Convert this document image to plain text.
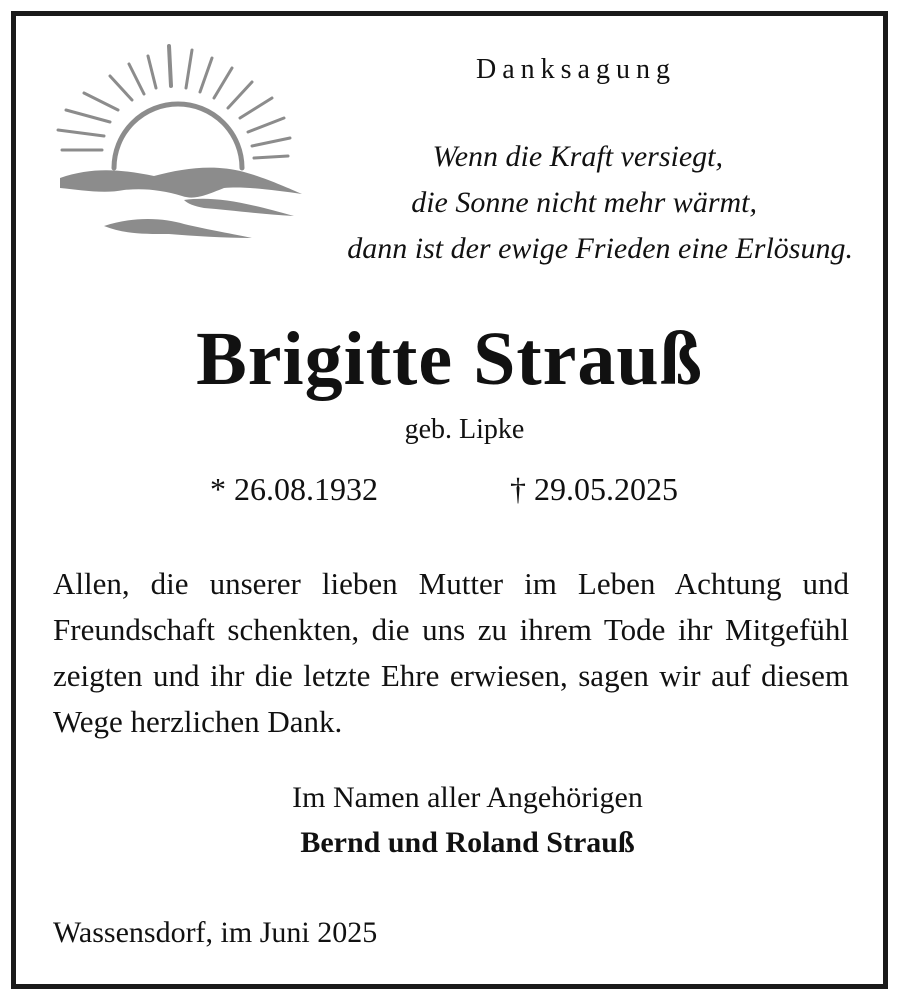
Danksagung
Wenn die Kraft versiegt,
die Sonne nicht mehr wärmt,
dann ist der ewige Frieden eine Erlösung.
Brigitte Strauß
geb. Lipke
* 26.08.1932	† 29.05.2025
Allen, die unserer lieben Mutter im Leben Achtung und Freundschaft schenkten, die uns zu ihrem Tode ihr Mitgefühl zeigten und ihr die letzte Ehre erwiesen, sagen wir auf diesem Wege herzlichen Dank.
Im Namen aller Angehörigen
Bernd und Roland Strauß
Wassensdorf, im Juni 2025
